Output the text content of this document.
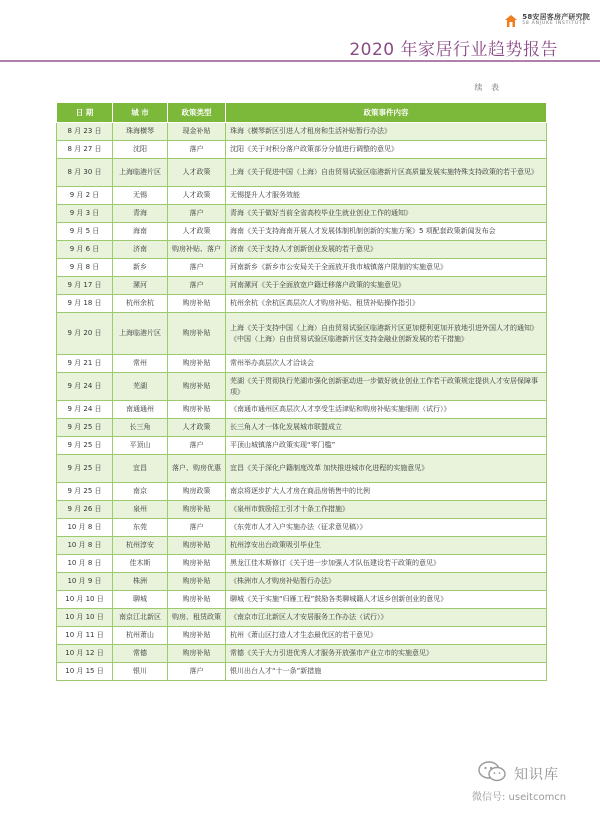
58安居客房产研究院
58 ANJUKE INSTITUTE
2020 年家居行业趋势报告
续 表
日 期	城 市	政策类型	政策事件内容
8 月 23 日	珠海横琴	现金补贴	珠海《横琴新区引进人才租房和生活补贴暂行办法》
8 月 27 日	沈阳	落户	沈阳《关于对积分落户政策部分分值进行调整的意见》
8 月 30 日	上海临港片区	人才政策	上海《关于促进中国（上海）自由贸易试验区临港新片区高质量发展实施特殊支持政策的若干意见》
9 月 2 日	无锡	人才政策	无锡提升人才服务效能
9 月 3 日	青海	落户	青海《关于做好当前全省高校毕业生就业创业工作的通知》
9 月 5 日	海南	人才政策	海南《关于支持海南开展人才发展体制机制创新的实施方案》5 项配套政策新闻发布会
9 月 6 日	济南	购房补贴、落户	济南《关于支持人才创新创业发展的若干意见》
9 月 8 日	新乡	落户	河南新乡《新乡市公安局关于全面放开我市城镇落户限制的实施意见》
9 月 17 日	漯河	落户	河南漯河《关于全面放宽户籍迁移落户政策的实施意见》
9 月 18 日	杭州余杭	购房补贴	杭州余杭《余杭区高层次人才购房补贴、租赁补贴操作指引》
9 月 20 日	上海临港片区	购房补贴	上海《关于支持中国（上海）自由贸易试验区临港新片区更加便利更加开放地引进外国人才的通知》《中国（上海）自由贸易试验区临港新片区支持金融业创新发展的若干措施》
9 月 21 日	常州	购房补贴	常州举办高层次人才洽谈会
9 月 24 日	芜湖	购房补贴	芜湖《关于贯彻执行芜湖市强化创新驱动进一步做好就业创业工作若干政策规定提供人才安居保障事项》
9 月 24 日	南通通州	购房补贴	《南通市通州区高层次人才享受生活津贴和购房补贴实施细则（试行）》
9 月 25 日	长三角	人才政策	长三角人才一体化发展城市联盟成立
9 月 25 日	平顶山	落户	平顶山城镇落户政策实现“零门槛”
9 月 25 日	宜昌	落户、购房优惠	宜昌《关于深化户籍制度改革 加快推进城市化进程的实施意见》
9 月 25 日	南京	购房政策	南京将逐步扩大人才房在商品房销售中的比例
9 月 26 日	泉州	购房补贴	《泉州市鼓励招工引才十条工作措施》
10 月 8 日	东莞	落户	《东莞市人才入户实施办法（征求意见稿）》
10 月 8 日	杭州淳安	购房补贴	杭州淳安出台政策吸引毕业生
10 月 8 日	佳木斯	购房补贴	黑龙江佳木斯修订《关于进一步加强人才队伍建设若干政策的意见》
10 月 9 日	株洲	购房补贴	《株洲市人才购房补贴暂行办法》
10 月 10 日	聊城	购房补贴	聊城《关于实施“归雁工程”鼓励各类聊城籍人才返乡创新创业的意见》
10 月 10 日	南京江北新区	购房、租赁政策	《南京市江北新区人才安居服务工作办法（试行）》
10 月 11 日	杭州萧山	购房补贴	杭州《萧山区打造人才生态最优区的若干意见》
10 月 12 日	常德	购房补贴	常德《关于大力引进优秀人才服务开放强市产业立市的实施意见》
10 月 15 日	银川	落户	银川出台人才“十一条”新措施
知识库
微信号: useitcomcn
